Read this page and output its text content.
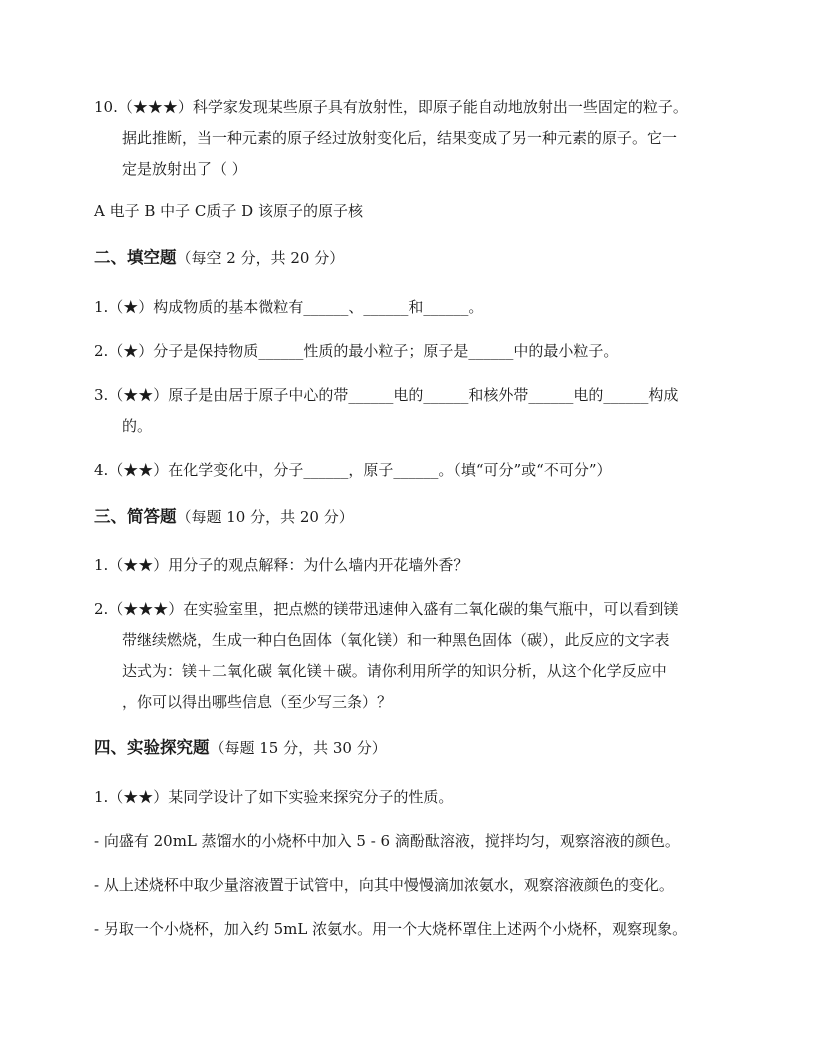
10.（★★★）科学家发现某些原子具有放射性，即原子能自动地放射出一些固定的粒子。
据此推断，当一种元素的原子经过放射变化后，结果变成了另一种元素的原子。它一
定是放射出了（ ）
A 电子 B 中子 C质子 D 该原子的原子核
二、填空题（每空 2 分，共 20 分）
1.（★）构成物质的基本微粒有______、______和______。
2.（★）分子是保持物质______性质的最小粒子；原子是______中的最小粒子。
3.（★★）原子是由居于原子中心的带______电的______和核外带______电的______构成
的。
4.（★★）在化学变化中，分子______，原子______。（填“可分”或“不可分”）
三、简答题（每题 10 分，共 20 分）
1.（★★）用分子的观点解释：为什么墙内开花墙外香？
2.（★★★）在实验室里，把点燃的镁带迅速伸入盛有二氧化碳的集气瓶中，可以看到镁
带继续燃烧，生成一种白色固体（氧化镁）和一种黑色固体（碳），此反应的文字表
达式为：镁＋二氧化碳 氧化镁＋碳。请你利用所学的知识分析，从这个化学反应中
，你可以得出哪些信息（至少写三条）？
四、实验探究题（每题 15 分，共 30 分）
1.（★★）某同学设计了如下实验来探究分子的性质。
- 向盛有 20mL 蒸馏水的小烧杯中加入 5 - 6 滴酚酞溶液，搅拌均匀，观察溶液的颜色。
- 从上述烧杯中取少量溶液置于试管中，向其中慢慢滴加浓氨水，观察溶液颜色的变化。
- 另取一个小烧杯，加入约 5mL 浓氨水。用一个大烧杯罩住上述两个小烧杯，观察现象。
